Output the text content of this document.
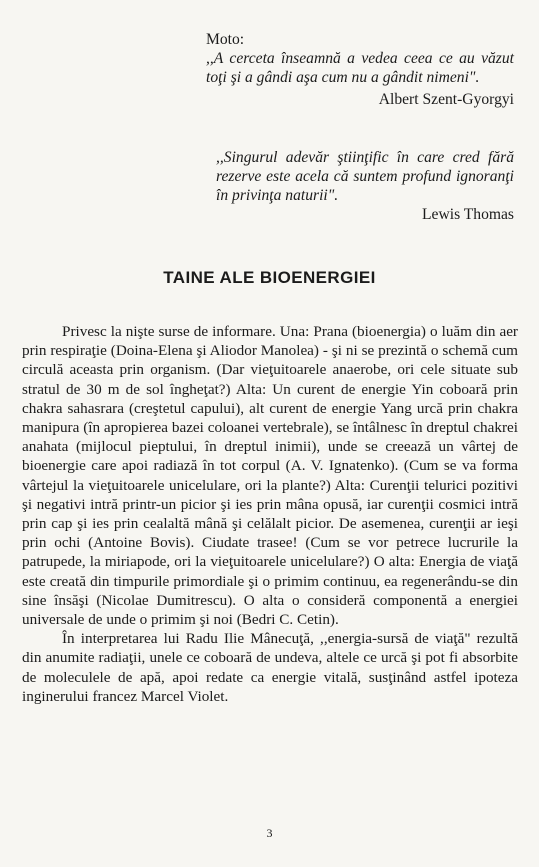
Moto:
,,A cerceta înseamnă a vedea ceea ce au văzut toţi şi a gândi aşa cum nu a gândit nimeni".
Albert Szent-Gyorgyi
,,Singurul adevăr ştiinţific în care cred fără rezerve este acela că suntem profund ignoranţi în privinţa naturii".
Lewis Thomas
TAINE ALE BIOENERGIEI

Privesc la nişte surse de informare. Una: Prana (bioenergia) o luăm din aer prin respiraţie (Doina-Elena şi Aliodor Manolea) - şi ni se prezintă o schemă cum circulă aceasta prin organism. (Dar vieţuitoarele anaerobe, ori cele situate sub stratul de 30 m de sol îngheţat?) Alta: Un curent de energie Yin coboară prin chakra sahasrara (creştetul capului), alt curent de energie Yang urcă prin chakra manipura (în apropierea bazei coloanei vertebrale), se întâlnesc în dreptul chakrei anahata (mijlocul pieptului, în dreptul inimii), unde se creează un vârtej de bioenergie care apoi radiază în tot corpul (A. V. Ignatenko). (Cum se va forma vârtejul la vieţuitoarele unicelulare, ori la plante?) Alta: Curenţii telurici pozitivi şi negativi intră printr-un picior şi ies prin mâna opusă, iar curenţii cosmici intră prin cap şi ies prin cealaltă mână şi celălalt picior. De asemenea, curenţii ar ieşi prin ochi (Antoine Bovis). Ciudate trasee! (Cum se vor petrece lucrurile la patrupede, la miriapode, ori la vieţuitoarele unicelulare?) O alta: Energia de viaţă este creată din timpurile primordiale şi o primim continuu, ea regenerându-se din sine însăşi (Nicolae Dumitrescu). O alta o consideră componentă a energiei universale de unde o primim şi noi (Bedri C. Cetin).

În interpretarea lui Radu Ilie Mânecuţă, ,,energia-sursă de viaţă" rezultă din anumite radiaţii, unele ce coboară de undeva, altele ce urcă şi pot fi absorbite de moleculele de apă, apoi redate ca energie vitală, susţinând astfel ipoteza inginerului francez Marcel Violet.

3
